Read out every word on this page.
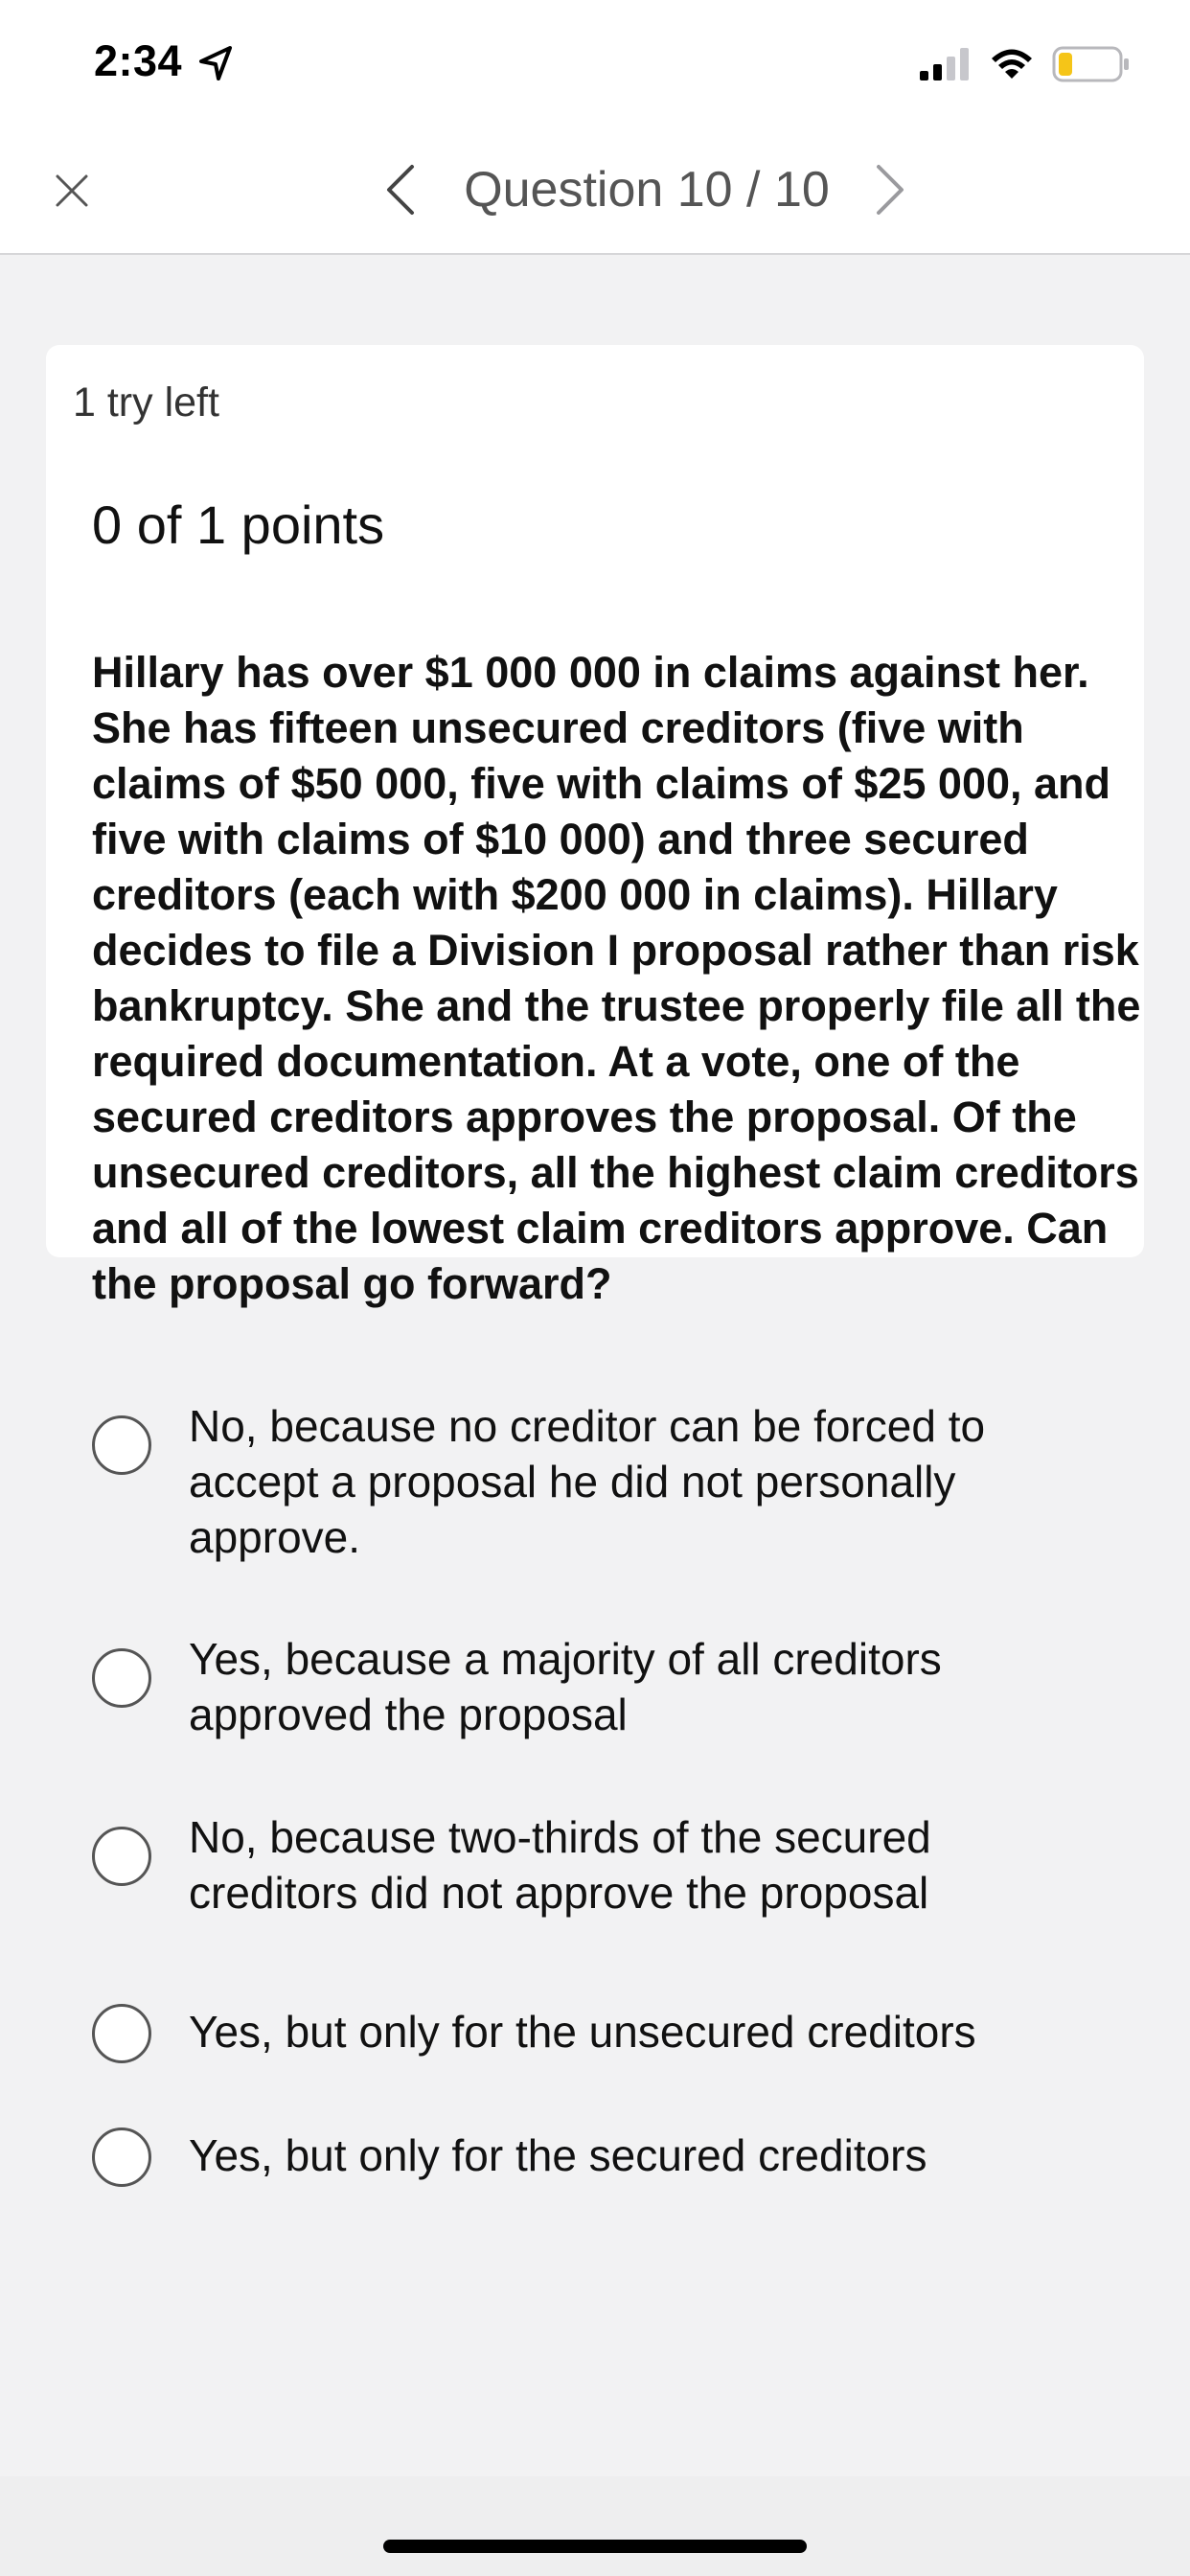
2:34
Question 10 / 10
1 try left
0 of 1 points
Hillary has over $1 000 000 in claims against her. She has fifteen unsecured creditors (five with claims of $50 000, five with claims of $25 000, and five with claims of $10 000) and three secured creditors (each with $200 000 in claims). Hillary decides to file a Division I proposal rather than risk bankruptcy. She and the trustee properly file all the required documentation. At a vote, one of the secured creditors approves the proposal. Of the unsecured creditors, all the highest claim creditors and all of the lowest claim creditors approve. Can the proposal go forward?
No, because no creditor can be forced to accept a proposal he did not personally approve.
Yes, because a majority of all creditors approved the proposal
No, because two-thirds of the secured creditors did not approve the proposal
Yes, but only for the unsecured creditors
Yes, but only for the secured creditors
